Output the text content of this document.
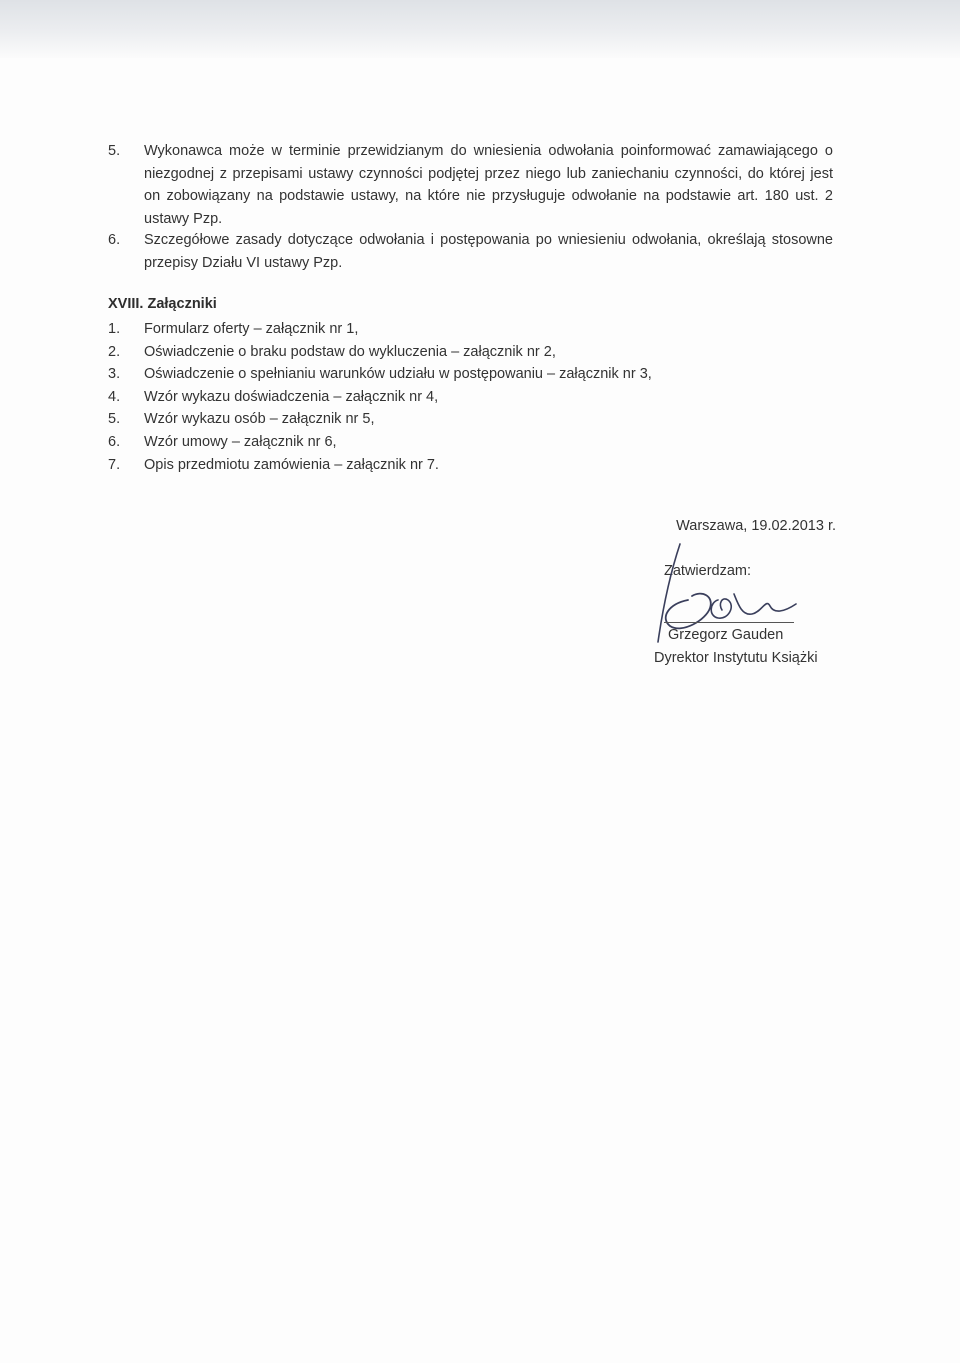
5. Wykonawca może w terminie przewidzianym do wniesienia odwołania poinformować zamawiającego o niezgodnej z przepisami ustawy czynności podjętej przez niego lub zaniechaniu czynności, do której jest on zobowiązany na podstawie ustawy, na które nie przysługuje odwołanie na podstawie art. 180 ust. 2 ustawy Pzp.
6. Szczegółowe zasady dotyczące odwołania i postępowania po wniesieniu odwołania, określają stosowne przepisy Działu VI ustawy Pzp.
XVIII. Załączniki
1. Formularz oferty – załącznik nr 1,
2. Oświadczenie o braku podstaw do wykluczenia – załącznik nr 2,
3. Oświadczenie o spełnianiu warunków udziału w postępowaniu – załącznik nr 3,
4. Wzór wykazu doświadczenia – załącznik nr 4,
5. Wzór wykazu osób – załącznik nr 5,
6. Wzór umowy – załącznik nr 6,
7. Opis przedmiotu zamówienia – załącznik nr 7.
Warszawa, 19.02.2013 r.
Zatwierdzam:
Grzegorz Gauden
Dyrektor Instytutu Książki
